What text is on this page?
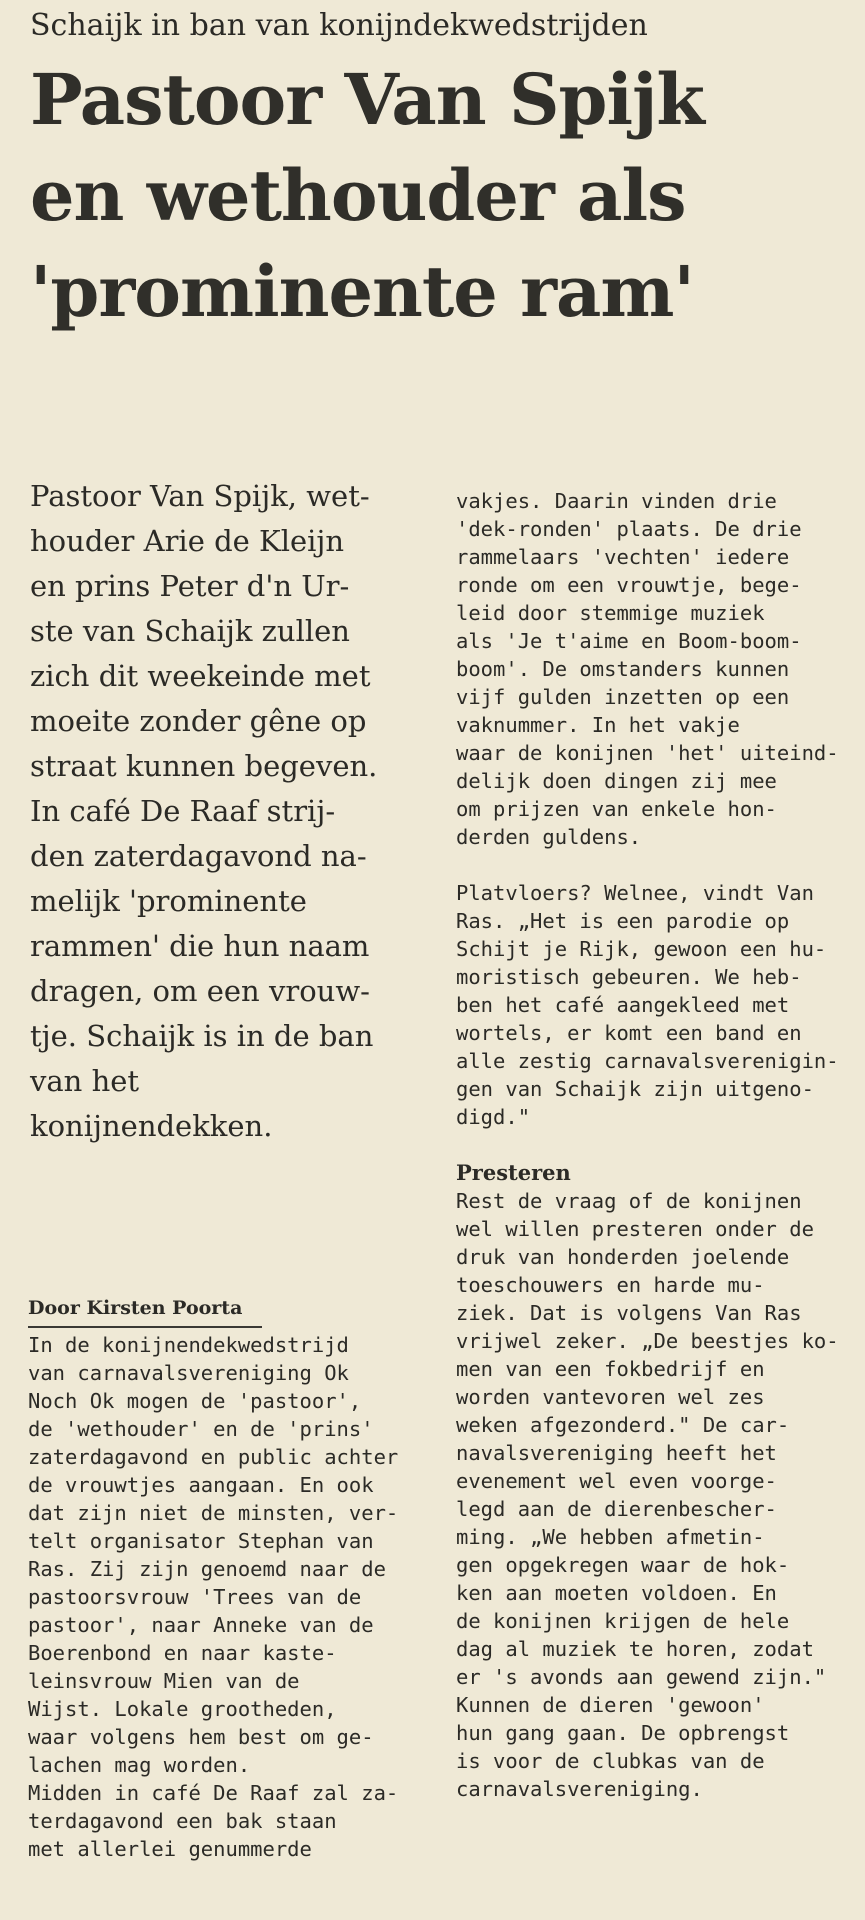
Schaijk in ban van konijndekwedstrijden
Pastoor Van Spijk
en wethouder als
'prominente ram'

Pastoor Van Spijk, wet-
houder Arie de Kleijn
en prins Peter d'n Ur-
ste van Schaijk zullen
zich dit weekeinde met
moeite zonder gêne op
straat kunnen begeven.
In café De Raaf strij-
den zaterdagavond na-
melijk 'prominente
rammen' die hun naam
dragen, om een vrouw-
tje. Schaijk is in de ban
van het
konijnendekken.

Door Kirsten Poorta
In de konijnendekwedstrijd
van carnavalsvereniging Ok
Noch Ok mogen de 'pastoor',
de 'wethouder' en de 'prins'
zaterdagavond en public achter
de vrouwtjes aangaan. En ook
dat zijn niet de minsten, ver-
telt organisator Stephan van
Ras. Zij zijn genoemd naar de
pastoorsvrouw 'Trees van de
pastoor', naar Anneke van de
Boerenbond en naar kaste-
leinsvrouw Mien van de
Wijst. Lokale grootheden,
waar volgens hem best om ge-
lachen mag worden.
Midden in café De Raaf zal za-
terdagavond een bak staan
met allerlei genummerde
vakjes. Daarin vinden drie
'dek-ronden' plaats. De drie
rammelaars 'vechten' iedere
ronde om een vrouwtje, bege-
leid door stemmige muziek
als 'Je t'aime en Boom-boom-
boom'. De omstanders kunnen
vijf gulden inzetten op een
vaknummer. In het vakje
waar de konijnen 'het' uiteind-
delijk doen dingen zij mee
om prijzen van enkele hon-
derden guldens.
Platvloers? Welnee, vindt Van
Ras. „Het is een parodie op
Schijt je Rijk, gewoon een hu-
moristisch gebeuren. We heb-
ben het café aangekleed met
wortels, er komt een band en
alle zestig carnavalsverenigin-
gen van Schaijk zijn uitgeno-
digd."
Presteren
Rest de vraag of de konijnen
wel willen presteren onder de
druk van honderden joelende
toeschouwers en harde mu-
ziek. Dat is volgens Van Ras
vrijwel zeker. „De beestjes ko-
men van een fokbedrijf en
worden vantevoren wel zes
weken afgezonderd." De car-
navalsvereniging heeft het
evenement wel even voorge-
legd aan de dierenbescher-
ming. „We hebben afmetin-
gen opgekregen waar de hok-
ken aan moeten voldoen. En
de konijnen krijgen de hele
dag al muziek te horen, zodat
er 's avonds aan gewend zijn."
Kunnen de dieren 'gewoon'
hun gang gaan. De opbrengst
is voor de clubkas van de
carnavalsvereniging.
